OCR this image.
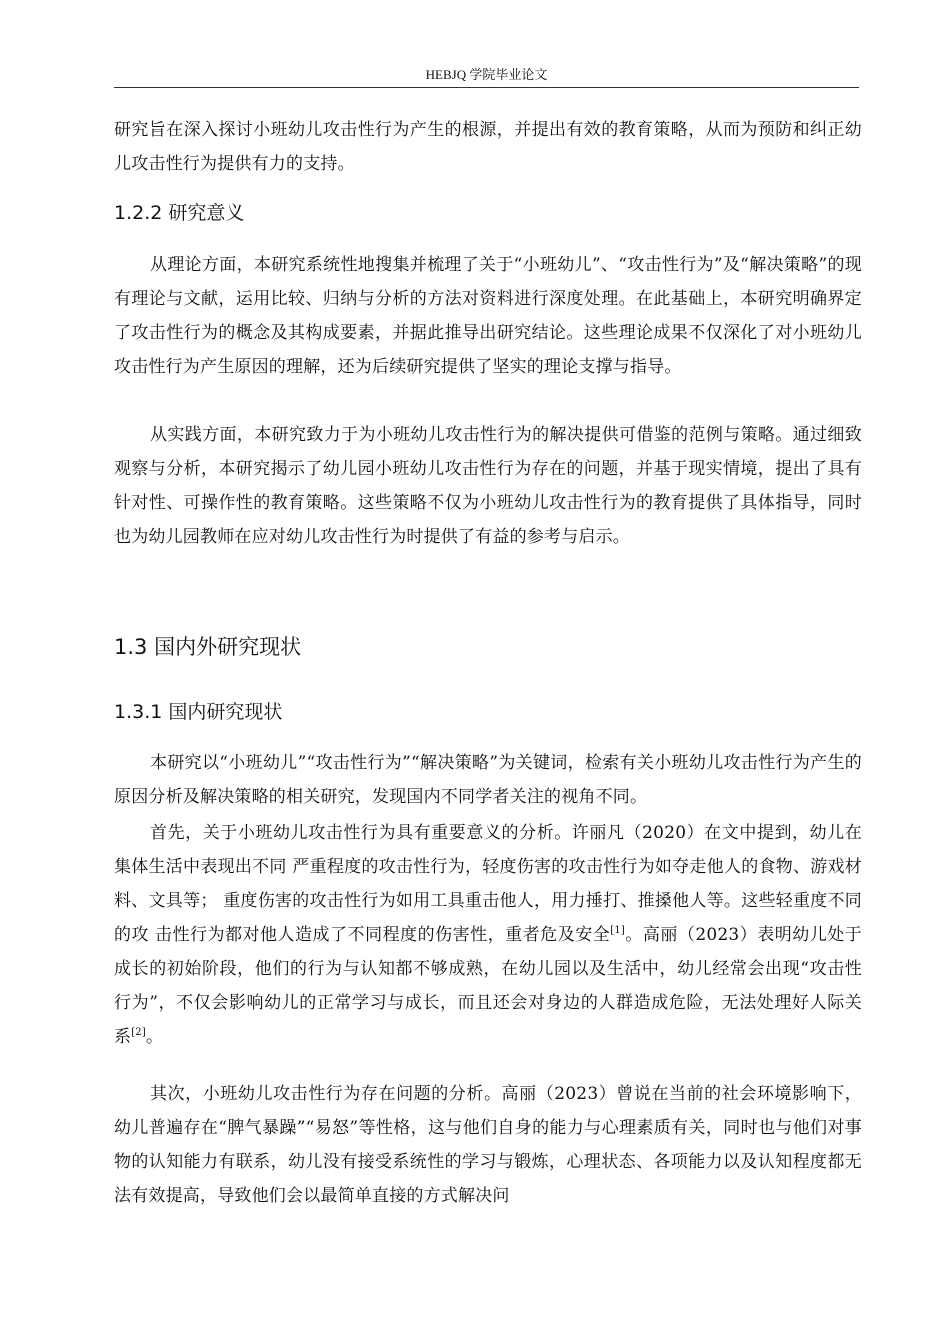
HEBJQ 学院毕业论文

研究旨在深入探讨小班幼儿攻击性行为产生的根源，并提出有效的教育策略，从而为预防和纠正幼儿攻击性行为提供有力的支持。

1.2.2 研究意义

从理论方面，本研究系统性地搜集并梳理了关于“小班幼儿”、“攻击性行为”及“解决策略”的现有理论与文献，运用比较、归纳与分析的方法对资料进行深度处理。在此基础上，本研究明确界定了攻击性行为的概念及其构成要素，并据此推导出研究结论。这些理论成果不仅深化了对小班幼儿攻击性行为产生原因的理解，还为后续研究提供了坚实的理论支撑与指导。

从实践方面，本研究致力于为小班幼儿攻击性行为的解决提供可借鉴的范例与策略。通过细致观察与分析，本研究揭示了幼儿园小班幼儿攻击性行为存在的问题，并基于现实情境，提出了具有针对性、可操作性的教育策略。这些策略不仅为小班幼儿攻击性行为的教育提供了具体指导，同时也为幼儿园教师在应对幼儿攻击性行为时提供了有益的参考与启示。

1.3 国内外研究现状
1.3.1 国内研究现状

本研究以“小班幼儿”“攻击性行为”“解决策略”为关键词，检索有关小班幼儿攻击性行为产生的原因分析及解决策略的相关研究，发现国内不同学者关注的视角不同。

首先，关于小班幼儿攻击性行为具有重要意义的分析。许丽凡（2020）在文中提到，幼儿在集体生活中表现出不同 严重程度的攻击性行为，轻度伤害的攻击性行为如夺走他人的食物、游戏材料、文具等； 重度伤害的攻击性行为如用工具重击他人，用力捶打、推搡他人等。这些轻重度不同的攻 击性行为都对他人造成了不同程度的伤害性，重者危及安全[1]。高丽（2023）表明幼儿处于成长的初始阶段，他们的行为与认知都不够成熟，在幼儿园以及生活中，幼儿经常会出现“攻击性行为”，不仅会影响幼儿的正常学习与成长，而且还会对身边的人群造成危险，无法处理好人际关系[2]。

其次，小班幼儿攻击性行为存在问题的分析。高丽（2023）曾说在当前的社会环境影响下，幼儿普遍存在“脾气暴躁”“易怒”等性格，这与他们自身的能力与心理素质有关，同时也与他们对事物的认知能力有联系，幼儿没有接受系统性的学习与锻炼，心理状态、各项能力以及认知程度都无法有效提高，导致他们会以最简单直接的方式解决问
